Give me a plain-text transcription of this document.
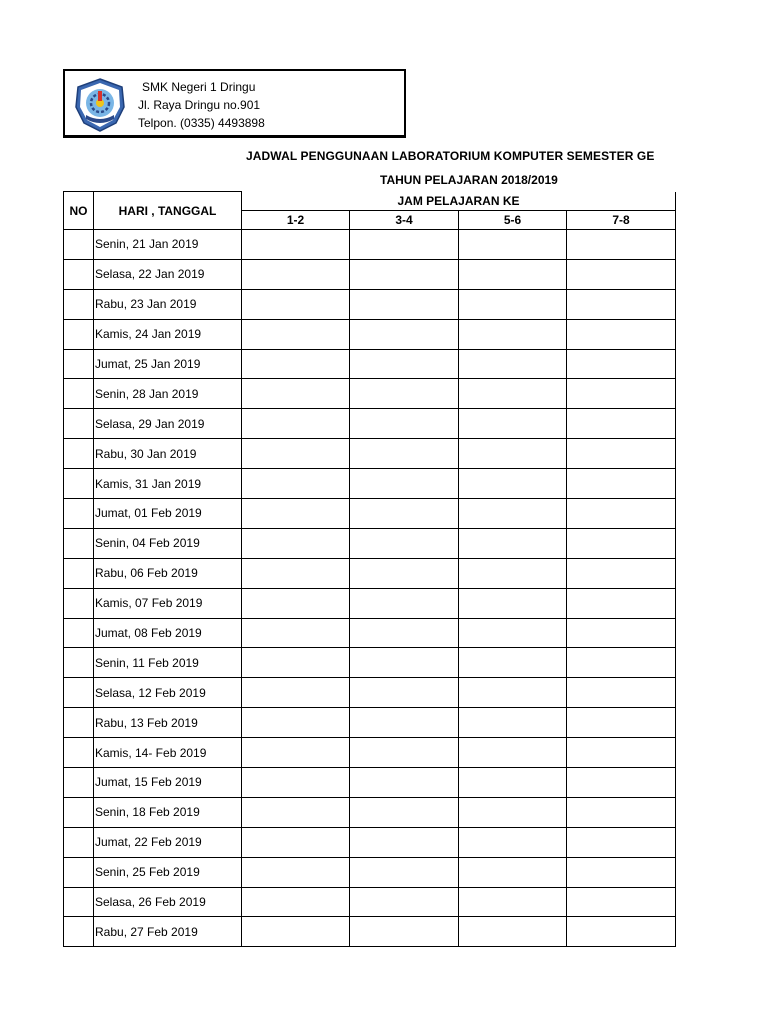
SMK Negeri 1 Dringu
Jl. Raya Dringu no.901
Telpon. (0335) 4493898
JADWAL PENGGUNAAN LABORATORIUM KOMPUTER SEMESTER GE
TAHUN PELAJARAN 2018/2019
NO	HARI , TANGGAL	JAM PELAJARAN KE			
		1-2	3-4	5-6	7-8
	Senin, 21 Jan 2019				
	Selasa, 22 Jan 2019				
	Rabu, 23 Jan 2019				
	Kamis, 24 Jan 2019				
	Jumat, 25 Jan 2019				
	Senin, 28 Jan 2019				
	Selasa, 29 Jan 2019				
	Rabu, 30 Jan 2019				
	Kamis, 31 Jan 2019				
	Jumat, 01 Feb 2019				
	Senin, 04 Feb 2019				
	Rabu, 06 Feb 2019				
	Kamis, 07 Feb 2019				
	Jumat, 08 Feb 2019				
	Senin, 11 Feb 2019				
	Selasa, 12 Feb 2019				
	Rabu, 13 Feb 2019				
	Kamis, 14- Feb 2019				
	Jumat, 15 Feb 2019				
	Senin, 18 Feb 2019				
	Jumat, 22 Feb 2019				
	Senin, 25 Feb 2019				
	Selasa, 26 Feb 2019				
	Rabu, 27 Feb 2019				
